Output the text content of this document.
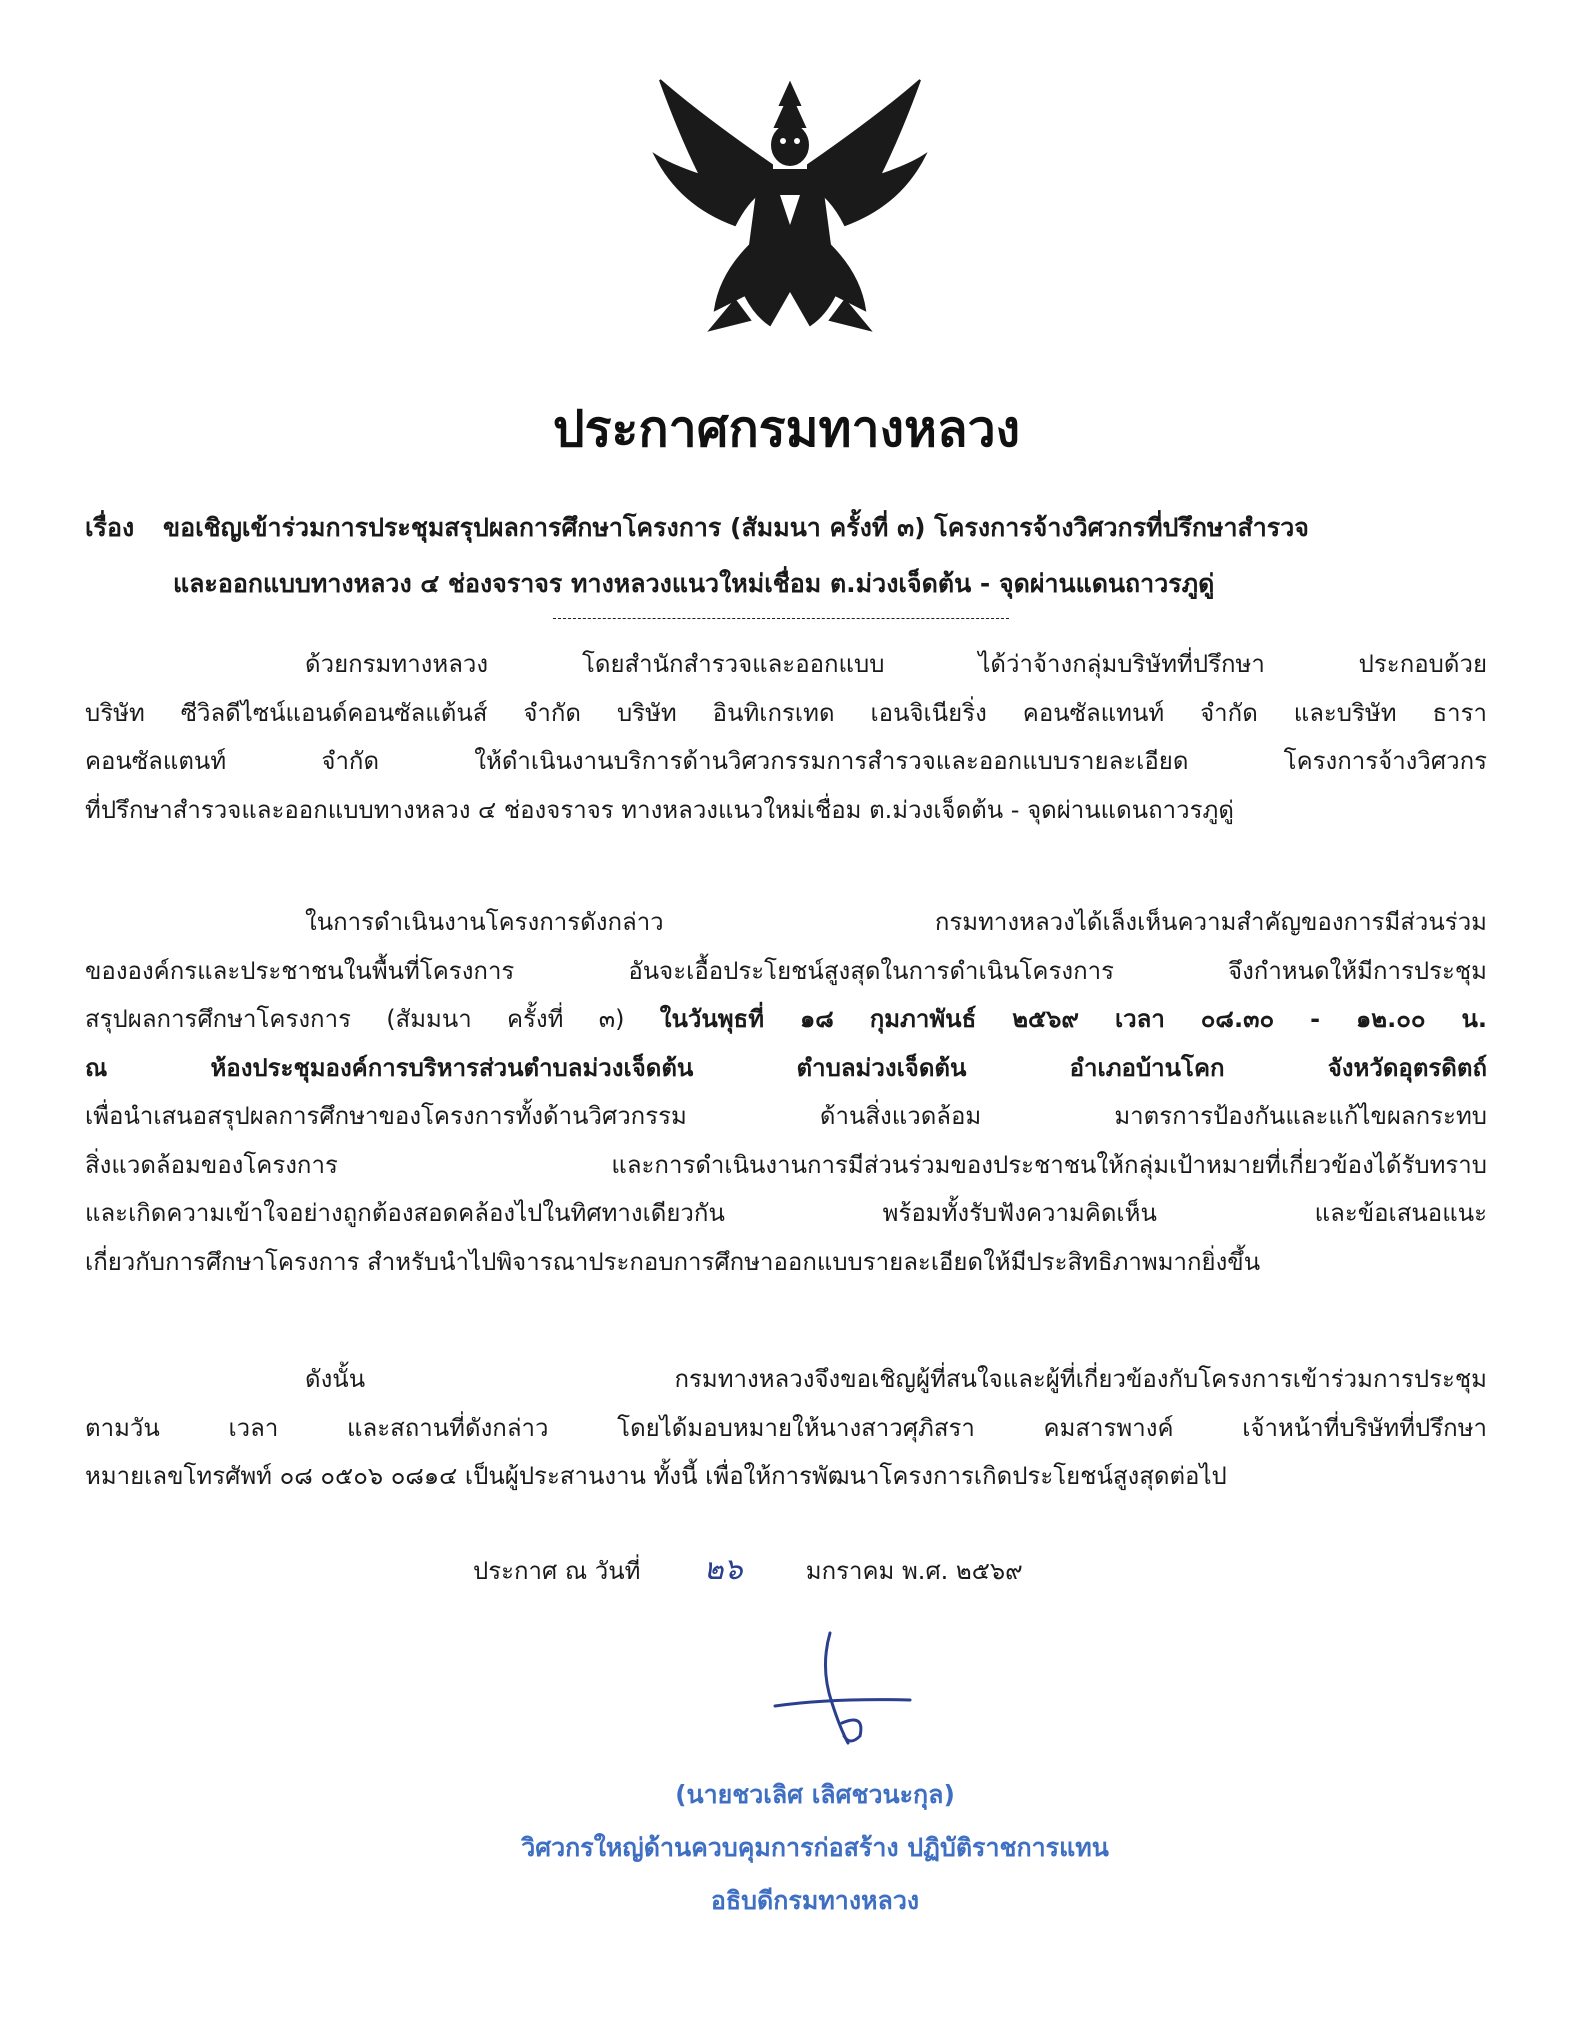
ประกาศกรมทางหลวง
เรื่อง ขอเชิญเข้าร่วมการประชุมสรุปผลการศึกษาโครงการ (สัมมนา ครั้งที่ ๓) โครงการจ้างวิศวกรที่ปรึกษาสำรวจ
และออกแบบทางหลวง ๔ ช่องจราจร ทางหลวงแนวใหม่เชื่อม ต.ม่วงเจ็ดต้น - จุดผ่านแดนถาวรภูดู่
ด้วยกรมทางหลวง โดยสำนักสำรวจและออกแบบ ได้ว่าจ้างกลุ่มบริษัทที่ปรึกษา ประกอบด้วย
บริษัท ซีวิลดีไซน์แอนด์คอนซัลแต้นส์ จำกัด บริษัท อินทิเกรเทด เอนจิเนียริ่ง คอนซัลแทนท์ จำกัด และบริษัท ธารา
คอนซัลแตนท์ จำกัด ให้ดำเนินงานบริการด้านวิศวกรรมการสำรวจและออกแบบรายละเอียด โครงการจ้างวิศวกร
ที่ปรึกษาสำรวจและออกแบบทางหลวง ๔ ช่องจราจร ทางหลวงแนวใหม่เชื่อม ต.ม่วงเจ็ดต้น - จุดผ่านแดนถาวรภูดู่
ในการดำเนินงานโครงการดังกล่าว กรมทางหลวงได้เล็งเห็นความสำคัญของการมีส่วนร่วม
ขององค์กรและประชาชนในพื้นที่โครงการ อันจะเอื้อประโยชน์สูงสุดในการดำเนินโครงการ จึงกำหนดให้มีการประชุม
สรุปผลการศึกษาโครงการ (สัมมนา ครั้งที่ ๓) ในวันพุธที่ ๑๘ กุมภาพันธ์ ๒๕๖๙ เวลา ๐๘.๓๐ - ๑๒.๐๐ น.
ณ ห้องประชุมองค์การบริหารส่วนตำบลม่วงเจ็ดต้น ตำบลม่วงเจ็ดต้น อำเภอบ้านโคก จังหวัดอุตรดิตถ์
เพื่อนำเสนอสรุปผลการศึกษาของโครงการทั้งด้านวิศวกรรม ด้านสิ่งแวดล้อม มาตรการป้องกันและแก้ไขผลกระทบ
สิ่งแวดล้อมของโครงการ และการดำเนินงานการมีส่วนร่วมของประชาชนให้กลุ่มเป้าหมายที่เกี่ยวข้องได้รับทราบ
และเกิดความเข้าใจอย่างถูกต้องสอดคล้องไปในทิศทางเดียวกัน พร้อมทั้งรับฟังความคิดเห็น และข้อเสนอแนะ
เกี่ยวกับการศึกษาโครงการ สำหรับนำไปพิจารณาประกอบการศึกษาออกแบบรายละเอียดให้มีประสิทธิภาพมากยิ่งขึ้น
ดังนั้น กรมทางหลวงจึงขอเชิญผู้ที่สนใจและผู้ที่เกี่ยวข้องกับโครงการเข้าร่วมการประชุม
ตามวัน เวลา และสถานที่ดังกล่าว โดยได้มอบหมายให้นางสาวศุภิสรา คมสารพางค์ เจ้าหน้าที่บริษัทที่ปรึกษา
หมายเลขโทรศัพท์ ๐๘ ๐๕๐๖ ๐๘๑๔ เป็นผู้ประสานงาน ทั้งนี้ เพื่อให้การพัฒนาโครงการเกิดประโยชน์สูงสุดต่อไป
ประกาศ ณ วันที่ ๒๖	มกราคม พ.ศ. ๒๕๖๙
(นายชวเลิศ เลิศชวนะกุล)
วิศวกรใหญ่ด้านควบคุมการก่อสร้าง ปฏิบัติราชการแทน
อธิบดีกรมทางหลวง
